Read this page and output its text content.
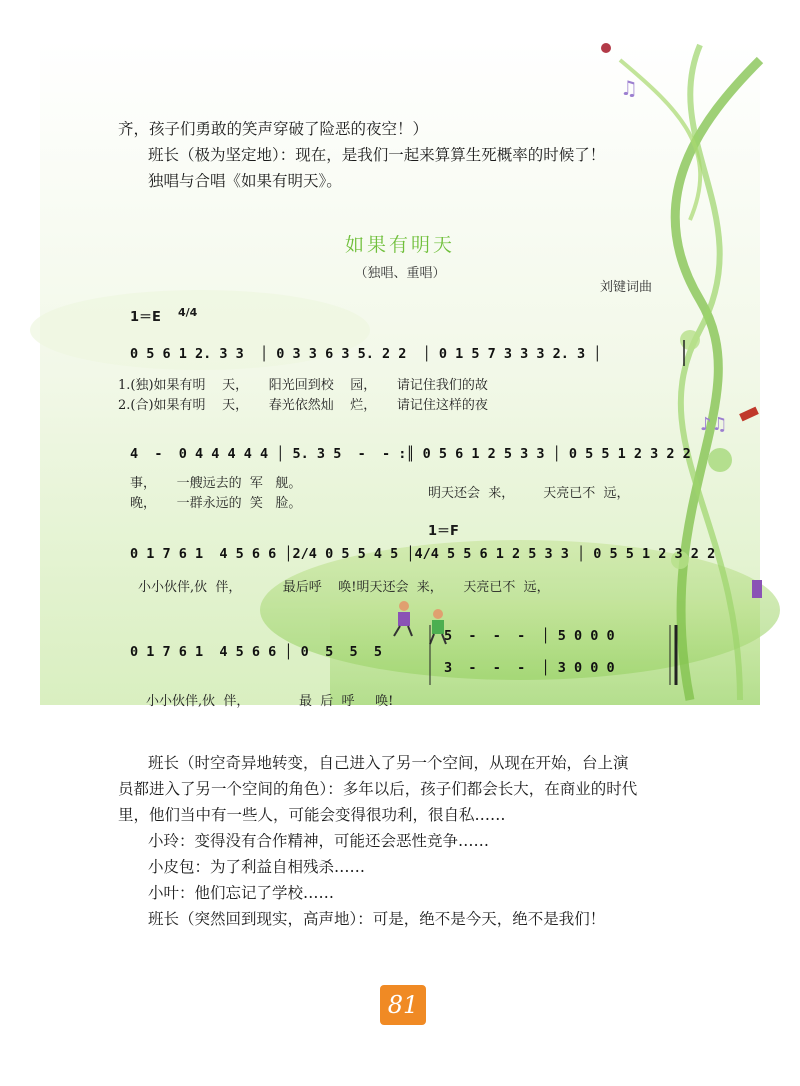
♫
♪♫
齐，孩子们勇敢的笑声穿破了险恶的夜空！）
班长（极为坚定地）：现在，是我们一起来算算生死概率的时候了！
独唱与合唱《如果有明天》。
如果有明天
（独唱、重唱）
刘键词曲
1＝E 4/4
0 5 6 1 2. 3 3  │ 0 3 3 6 3 5. 2 2  │ 0 1 5 7 3 3 3 2. 3 │
1.(独)如果有明    天，     阳光回到校    园，     请记住我们的故
2.(合)如果有明    天，     春光依然灿    烂，     请记住这样的夜
4  -  0 4 4 4 4 4 │ 5. 3 5  -  - :║ 0 5 6 1 2 5 3 3 │ 0 5 5 1 2 3 2 2
事，     一艘远去的  军   舰。
晚，     一群永远的  笑   脸。
明天还会  来，       天亮已不  远，
1＝F
0 1 7 6 1  4 5 6 6 │2/4 0 5 5 4 5 │4/4 5 5 6 1 2 5 3 3 │ 0 5 5 1 2 3 2 2
小小伙伴,伙  伴，          最后呼    唤!明天还会  来，     天亮已不  远，
0 1 7 6 1  4 5 6 6 │ 0  5  5  5
5  -  -  -  │ 5 0 0 0
3  -  -  -  │ 3 0 0 0
小小伙伴,伙  伴，            最  后  呼     唤!
班长（时空奇异地转变，自己进入了另一个空间，从现在开始，台上演
员都进入了另一个空间的角色）：多年以后，孩子们都会长大，在商业的时代
里，他们当中有一些人，可能会变得很功利，很自私……
小玲：变得没有合作精神，可能还会恶性竞争……
小皮包：为了利益自相残杀……
小叶：他们忘记了学校……
班长（突然回到现实，高声地）：可是，绝不是今天，绝不是我们！
81
